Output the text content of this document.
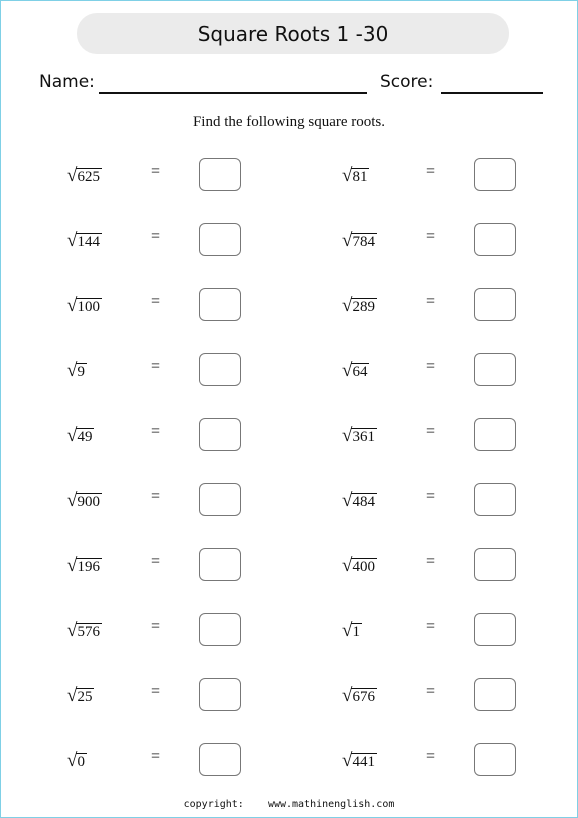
Square Roots 1 -30
Name:	Score:
Find the following square roots.
√ 625	=	√ 81	=
√ 144	=	√ 784	=
√ 100	=	√ 289	=
√ 9	=	√ 64	=
√ 49	=	√ 361	=
√ 900	=	√ 484	=
√ 196	=	√ 400	=
√ 576	=	√ 1	=
√ 25	=	√ 676	=
√ 0	=	√ 441	=
copyright: www.mathinenglish.com
